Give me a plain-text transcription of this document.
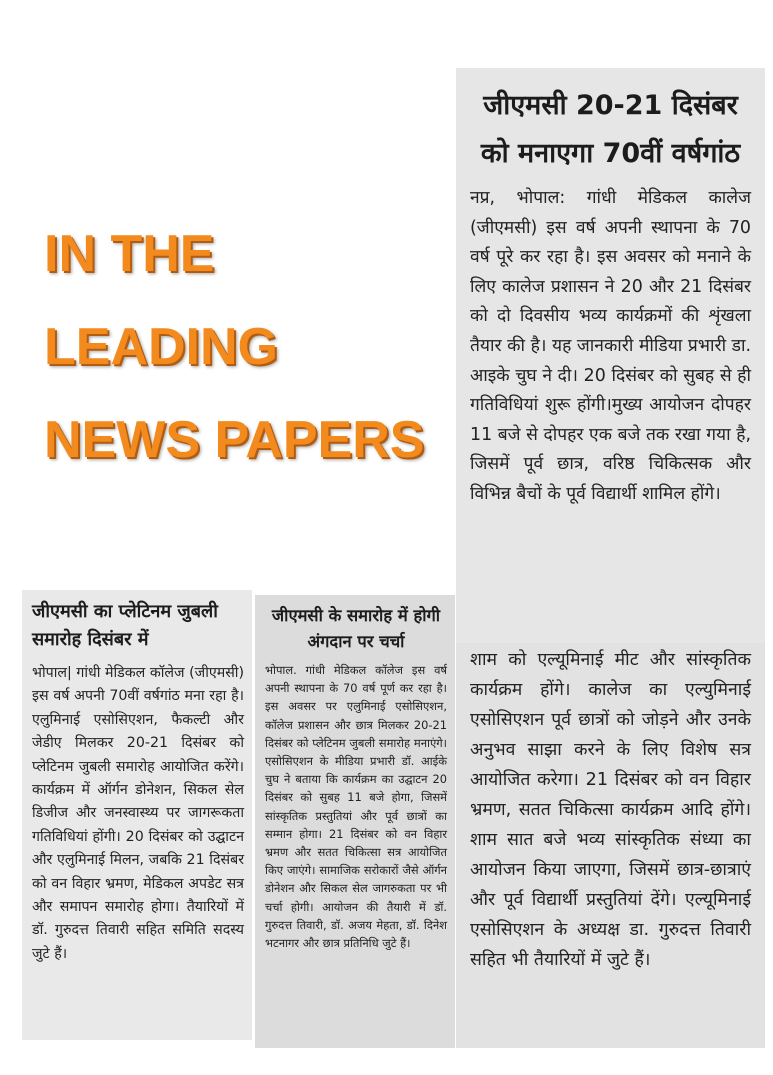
IN THE
LEADING
NEWS PAPERS
जीएमसी 20-21 दिसंबर को मनाएगा 70वीं वर्षगांठ

नप्र, भोपाल: गांधी मेडिकल कालेज (जीएमसी) इस वर्ष अपनी स्थापना के 70 वर्ष पूरे कर रहा है। इस अवसर को मनाने के लिए कालेज प्रशासन ने 20 और 21 दिसंबर को दो दिवसीय भव्य कार्यक्रमों की शृंखला तैयार की है। यह जानकारी मीडिया प्रभारी डा. आइके चुघ ने दी। 20 दिसंबर को सुबह से ही गतिविधियां शुरू होंगी।मुख्य आयोजन दोपहर 11 बजे से दोपहर एक बजे तक रखा गया है, जिसमें पूर्व छात्र, वरिष्ठ चिकित्सक और विभिन्न बैचों के पूर्व विद्यार्थी शामिल होंगे।

शाम को एल्यूमिनाई मीट और सांस्कृतिक कार्यक्रम होंगे। कालेज का एल्युमिनाई एसोसिएशन पूर्व छात्रों को जोड़ने और उनके अनुभव साझा करने के लिए विशेष सत्र आयोजित करेगा। 21 दिसंबर को वन विहार भ्रमण, सतत चिकित्सा कार्यक्रम आदि होंगे। शाम सात बजे भव्य सांस्कृतिक संध्या का आयोजन किया जाएगा, जिसमें छात्र-छात्राएं और पूर्व विद्यार्थी प्रस्तुतियां देंगे। एल्यूमिनाई एसोसिएशन के अध्यक्ष डा. गुरुदत्त तिवारी सहित भी तैयारियों में जुटे हैं।

जीएमसी का प्लेटिनम जुबली समारोह दिसंबर में

भोपाल| गांधी मेडिकल कॉलेज (जीएमसी) इस वर्ष अपनी 70वीं वर्षगांठ मना रहा है। एलुमिनाई एसोसिएशन, फैकल्टी और जेडीए मिलकर 20-21 दिसंबर को प्लेटिनम जुबली समारोह आयोजित करेंगे। कार्यक्रम में ऑर्गन डोनेशन, सिकल सेल डिजीज और जनस्वास्थ्य पर जागरूकता गतिविधियां होंगी। 20 दिसंबर को उद्घाटन और एलुमिनाई मिलन, जबकि 21 दिसंबर को वन विहार भ्रमण, मेडिकल अपडेट सत्र और समापन समारोह होगा। तैयारियों में डॉ. गुरुदत्त तिवारी सहित समिति सदस्य जुटे हैं।

जीएमसी के समारोह में होगी अंगदान पर चर्चा

भोपाल. गांधी मेडिकल कॉलेज इस वर्ष अपनी स्थापना के 70 वर्ष पूर्ण कर रहा है। इस अवसर पर एलुमिनाई एसोसिएशन, कॉलेज प्रशासन और छात्र मिलकर 20-21 दिसंबर को प्लेटिनम जुबली समारोह मनाएंगे। एसोसिएशन के मीडिया प्रभारी डॉ. आईके चुघ ने बताया कि कार्यक्रम का उद्घाटन 20 दिसंबर को सुबह 11 बजे होगा, जिसमें सांस्कृतिक प्रस्तुतियां और पूर्व छात्रों का सम्मान होगा। 21 दिसंबर को वन विहार भ्रमण और सतत चिकित्सा सत्र आयोजित किए जाएंगे। सामाजिक सरोकारों जैसे ऑर्गन डोनेशन और सिकल सेल जागरुकता पर भी चर्चा होगी। आयोजन की तैयारी में डॉ. गुरुदत्त तिवारी, डॉ. अजय मेहता, डॉ. दिनेश भटनागर और छात्र प्रतिनिधि जुटे हैं।
